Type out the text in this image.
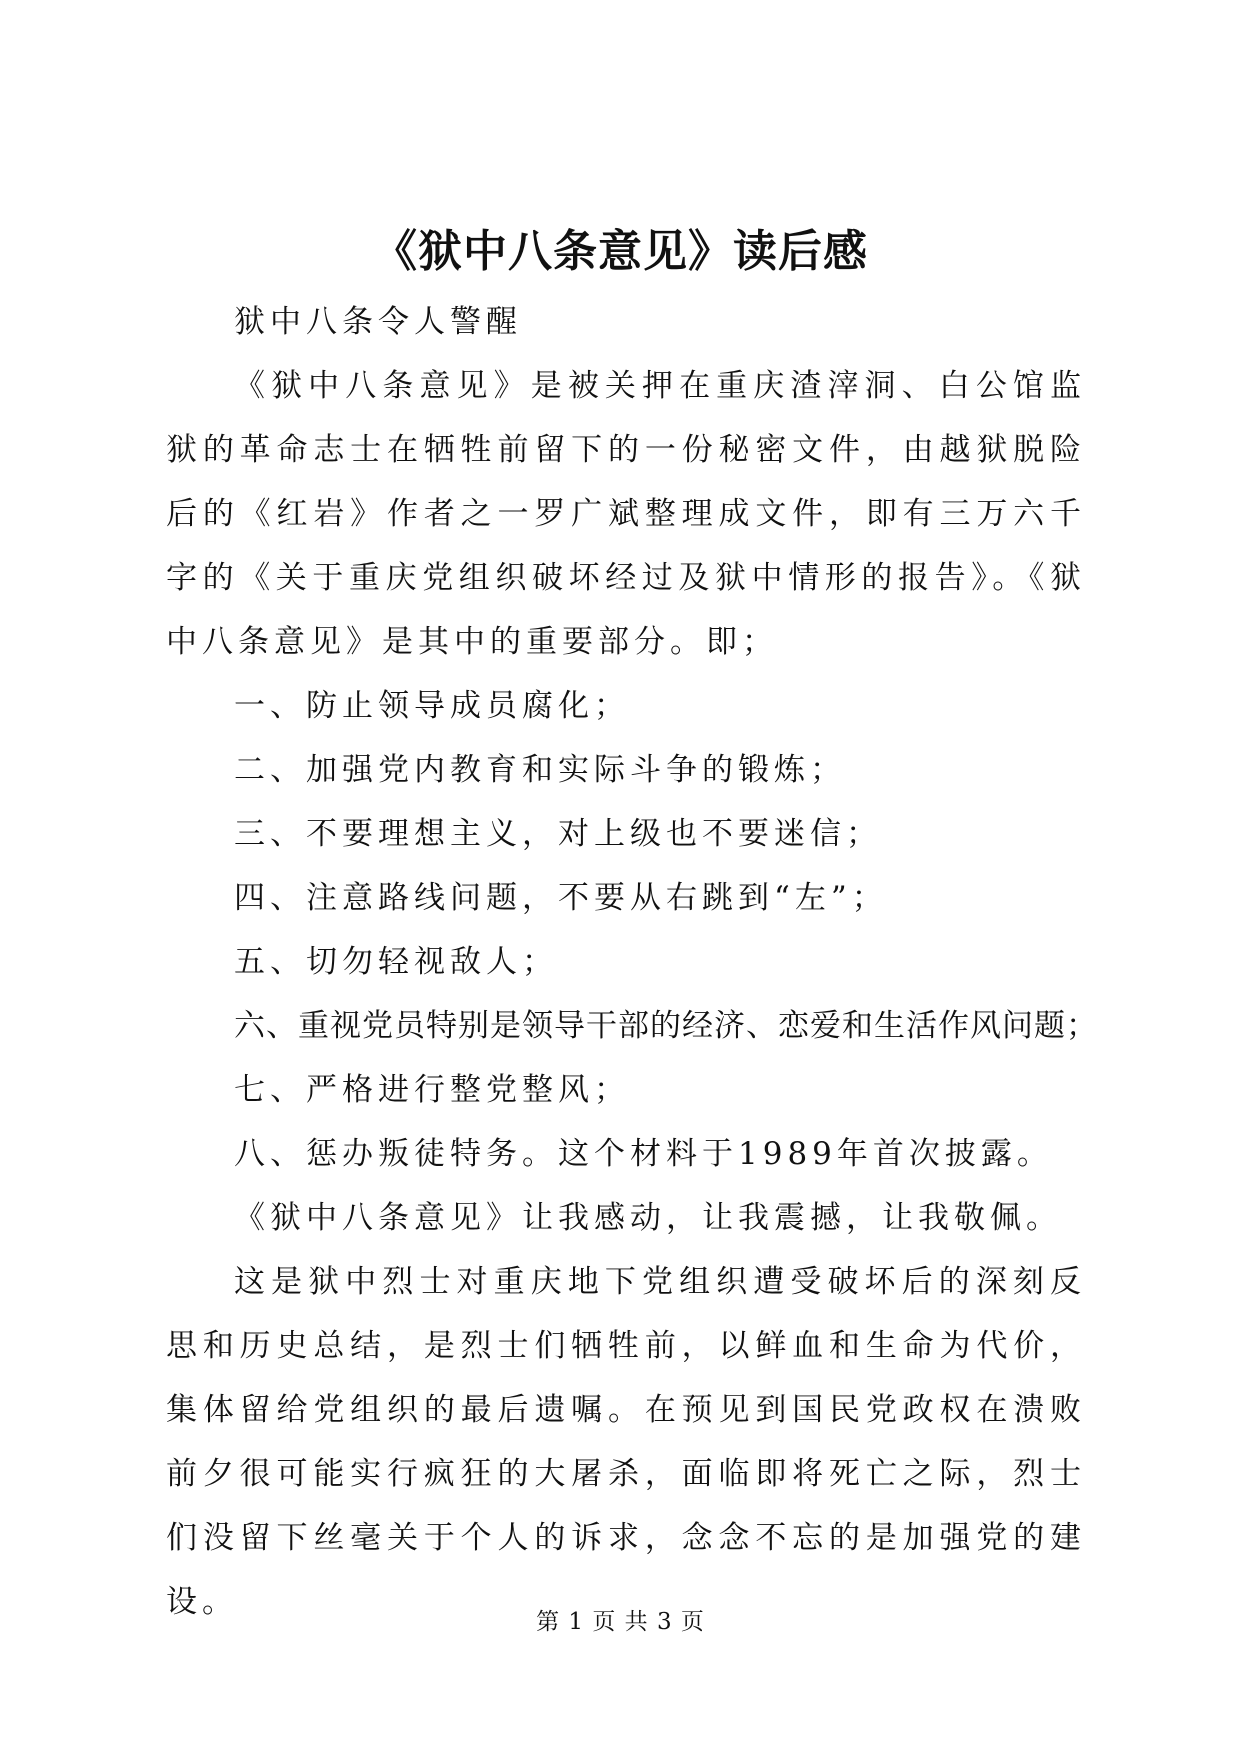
《狱中八条意见》读后感

狱中八条令人警醒

《狱中八条意见》是被关押在重庆渣滓洞、白公馆监狱的革命志士在牺牲前留下的一份秘密文件，由越狱脱险后的《红岩》作者之一罗广斌整理成文件，即有三万六千字的《关于重庆党组织破坏经过及狱中情形的报告》。《狱中八条意见》是其中的重要部分。即；

一、防止领导成员腐化；

二、加强党内教育和实际斗争的锻炼；

三、不要理想主义，对上级也不要迷信；

四、注意路线问题，不要从右跳到“左”；

五、切勿轻视敌人；

六、重视党员特别是领导干部的经济、恋爱和生活作风问题；

七、严格进行整党整风；

八、惩办叛徒特务。这个材料于1989年首次披露。

《狱中八条意见》让我感动，让我震撼，让我敬佩。

这是狱中烈士对重庆地下党组织遭受破坏后的深刻反思和历史总结，是烈士们牺牲前，以鲜血和生命为代价，集体留给党组织的最后遗嘱。在预见到国民党政权在溃败前夕很可能实行疯狂的大屠杀，面临即将死亡之际，烈士们没留下丝毫关于个人的诉求，念念不忘的是加强党的建设。

第 1 页 共 3 页
